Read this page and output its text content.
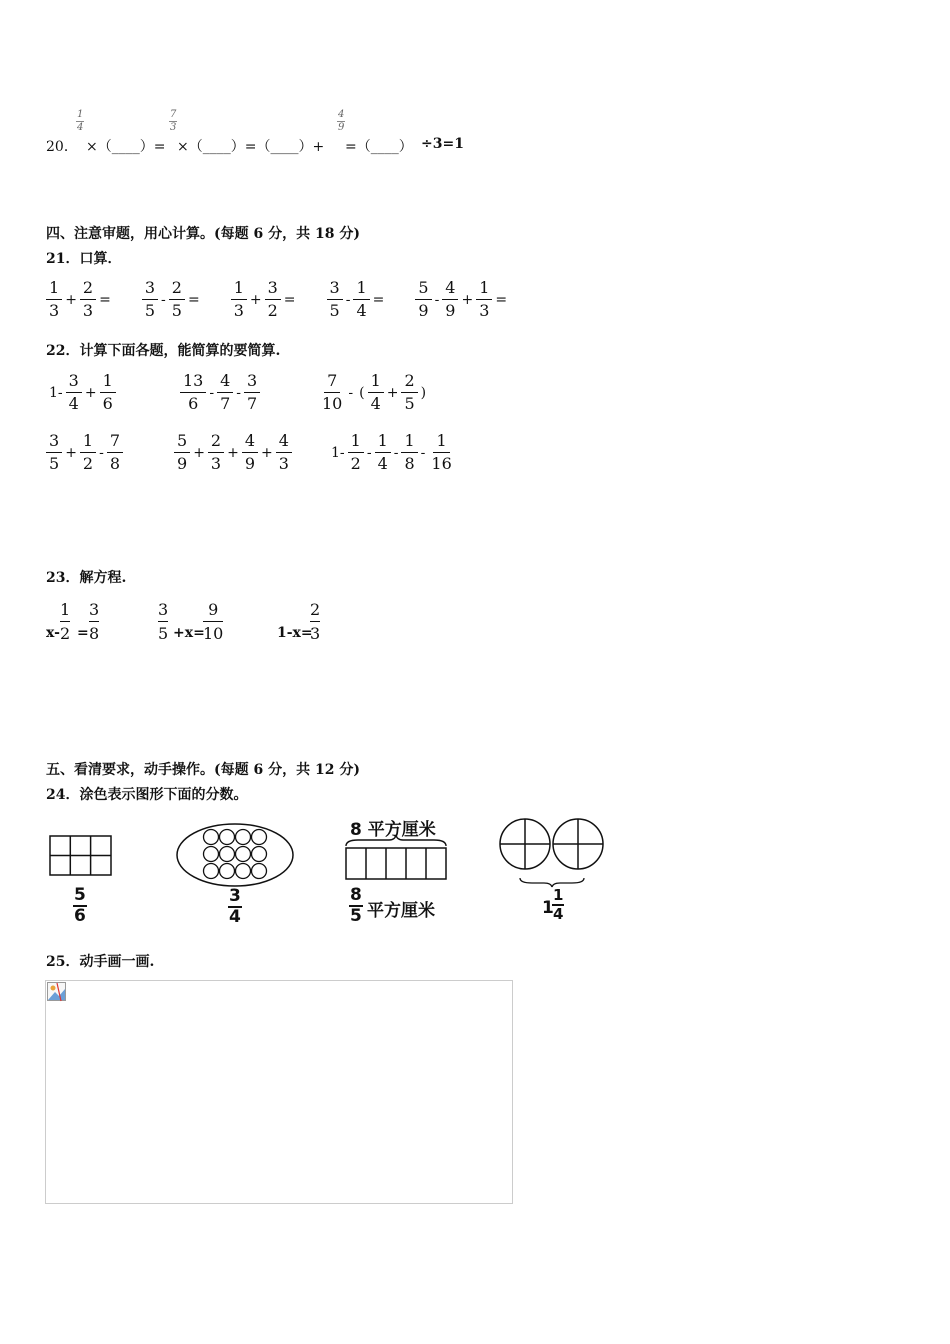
20．
$\frac{1}{4}$
×（____）=
$\frac{7}{3}$
×（____）=（____）+
$\frac{4}{9}$
=（____） ÷3=1
四、注意审题，用心计算。(每题 6 分，共 18 分)
21．口算．
$\frac{1}{3} + \frac{2}{3} = \frac{3}{5} - \frac{2}{5} = \frac{1}{3} + \frac{3}{2} = \frac{3}{5} - \frac{1}{4} = \frac{5}{9} - \frac{4}{9} + \frac{1}{3}$ =
22．计算下面各题，能简算的要简算.
$1- \frac{3}{4} + \frac{1}{6}$	$\frac{13}{6} - \frac{4}{7} - \frac{3}{7}$	$\frac{7}{10}$ - ( $\frac{1}{4} + \frac{2}{5}$ )
$\frac{3}{5} + \frac{1}{2} - \frac{7}{8}$	$\frac{5}{9} + \frac{2}{3} + \frac{4}{9} + \frac{4}{3}$	$1- \frac{1}{2} - \frac{1}{4} - \frac{1}{8} - \frac{1}{16}$
23．解方程.
$\frac{1}{2} \frac{3}{8}$
x- =	$\frac{3}{5} +x=$
$\frac{9}{10}$	1-x=
$\frac{2}{3}$
五、看清要求，动手操作。(每题 6 分，共 12 分)
24．涂色表示图形下面的分数。
$\frac{5}{6}$	$\frac{3}{4}$
8 平方厘米
$\frac{8}{5}$ 平方厘米	1
$\frac{1}{4}$
25．动手画一画.
